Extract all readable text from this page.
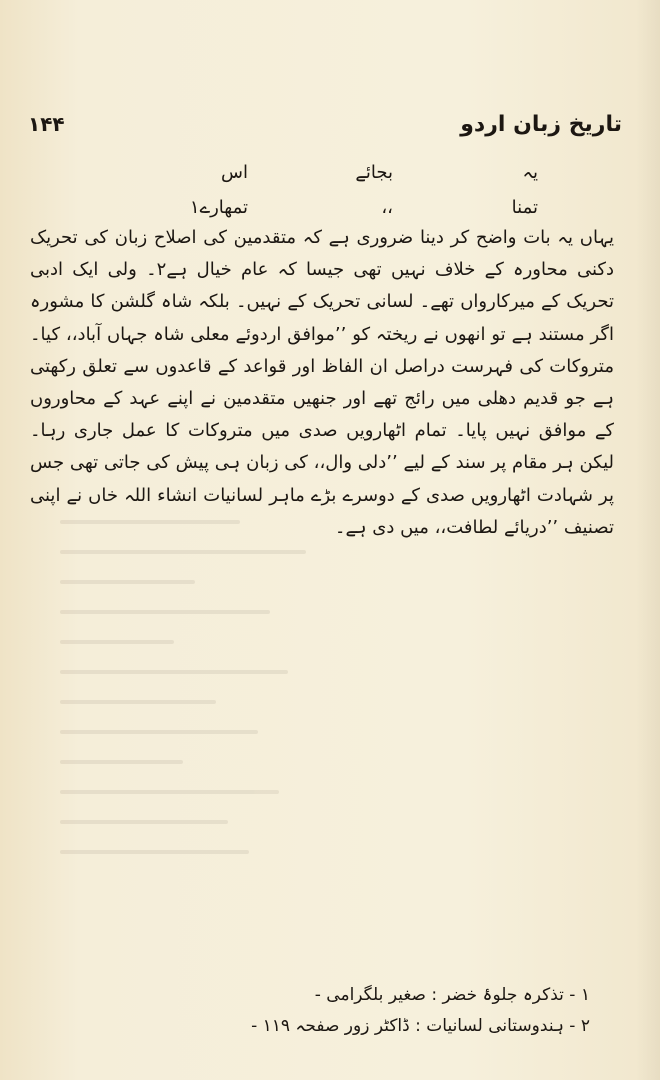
تاریخ زبان اردو
۱۴۴
یہ
بجائے
اس
تمنا
،،
تمھارے۱
یہاں یہ بات واضح کر دینا ضروری ہے کہ متقدمین کی اصلاح زبان کی تحریک دکنی محاورہ کے خلاف نہیں تھی جیسا کہ عام خیال ہے۲۔ ولی ایک ادبی تحریک کے میرکارواں تھے۔ لسانی تحریک کے نہیں۔ بلکہ شاہ گلشن کا مشورہ اگر مستند ہے تو انھوں نے ریختہ کو ’’موافق اردوئے معلی شاہ جہاں آباد،، کیا۔ متروکات کی فہرست دراصل ان الفاظ اور قواعد کے قاعدوں سے تعلق رکھتی ہے جو قدیم دھلی میں رائج تھے اور جنھیں متقدمین نے اپنے عہد کے محاوروں کے موافق نہیں پایا۔ تمام اٹھارویں صدی میں متروکات کا عمل جاری رہا۔ لیکن ہر مقام پر سند کے لیے ’’دلی وال،، کی زبان ہی پیش کی جاتی تھی جس پر شہادت اٹھارویں صدی کے دوسرے بڑے ماہر لسانیات انشاء اللہ خاں نے اپنی تصنیف ’’دریائے لطافت،، میں دی ہے۔
۱ - تذکرہ جلوۂ خضر : صغیر بلگرامی -
۲ - ہندوستانی لسانیات : ڈاکٹر زور صفحہ ۱۱۹ -
